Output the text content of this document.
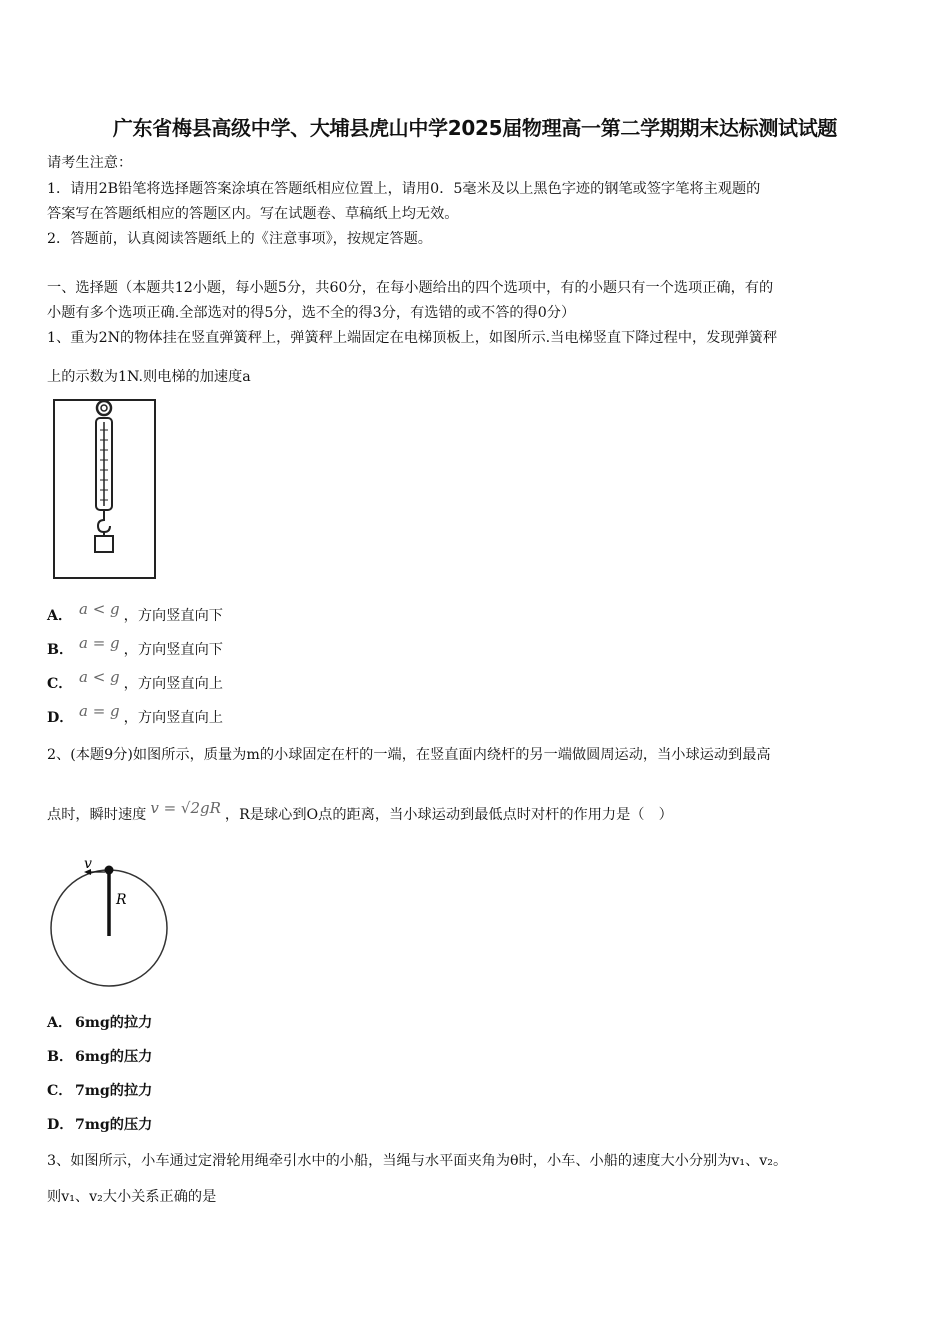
广东省梅县高级中学、大埔县虎山中学2025届物理高一第二学期期末达标测试试题
请考生注意：
1．请用2B铅笔将选择题答案涂填在答题纸相应位置上，请用0．5毫米及以上黑色字迹的钢笔或签字笔将主观题的
答案写在答题纸相应的答题区内。写在试题卷、草稿纸上均无效。
2．答题前，认真阅读答题纸上的《注意事项》，按规定答题。
一、选择题（本题共12小题，每小题5分，共60分，在每小题给出的四个选项中，有的小题只有一个选项正确，有的
小题有多个选项正确.全部选对的得5分，选不全的得3分，有选错的或不答的得0分）
1、重为2N的物体挂在竖直弹簧秤上，弹簧秤上端固定在电梯顶板上，如图所示.当电梯竖直下降过程中，发现弹簧秤
上的示数为1N.则电梯的加速度a
A． a < g ，方向竖直向下
B． a = g ，方向竖直向下
C． a < g ，方向竖直向上
D． a = g ，方向竖直向上
2、(本题9分)如图所示，质量为m的小球固定在杆的一端，在竖直面内绕杆的另一端做圆周运动，当小球运动到最高
点时，瞬时速度 v = √2gR ，R是球心到O点的距离，当小球运动到最低点时对杆的作用力是（　）
v
R
A． 6mg的拉力
B． 6mg的压力
C． 7mg的拉力
D． 7mg的压力
3、如图所示，小车通过定滑轮用绳牵引水中的小船，当绳与水平面夹角为θ时，小车、小船的速度大小分别为v₁、v₂。
则v₁、v₂大小关系正确的是
